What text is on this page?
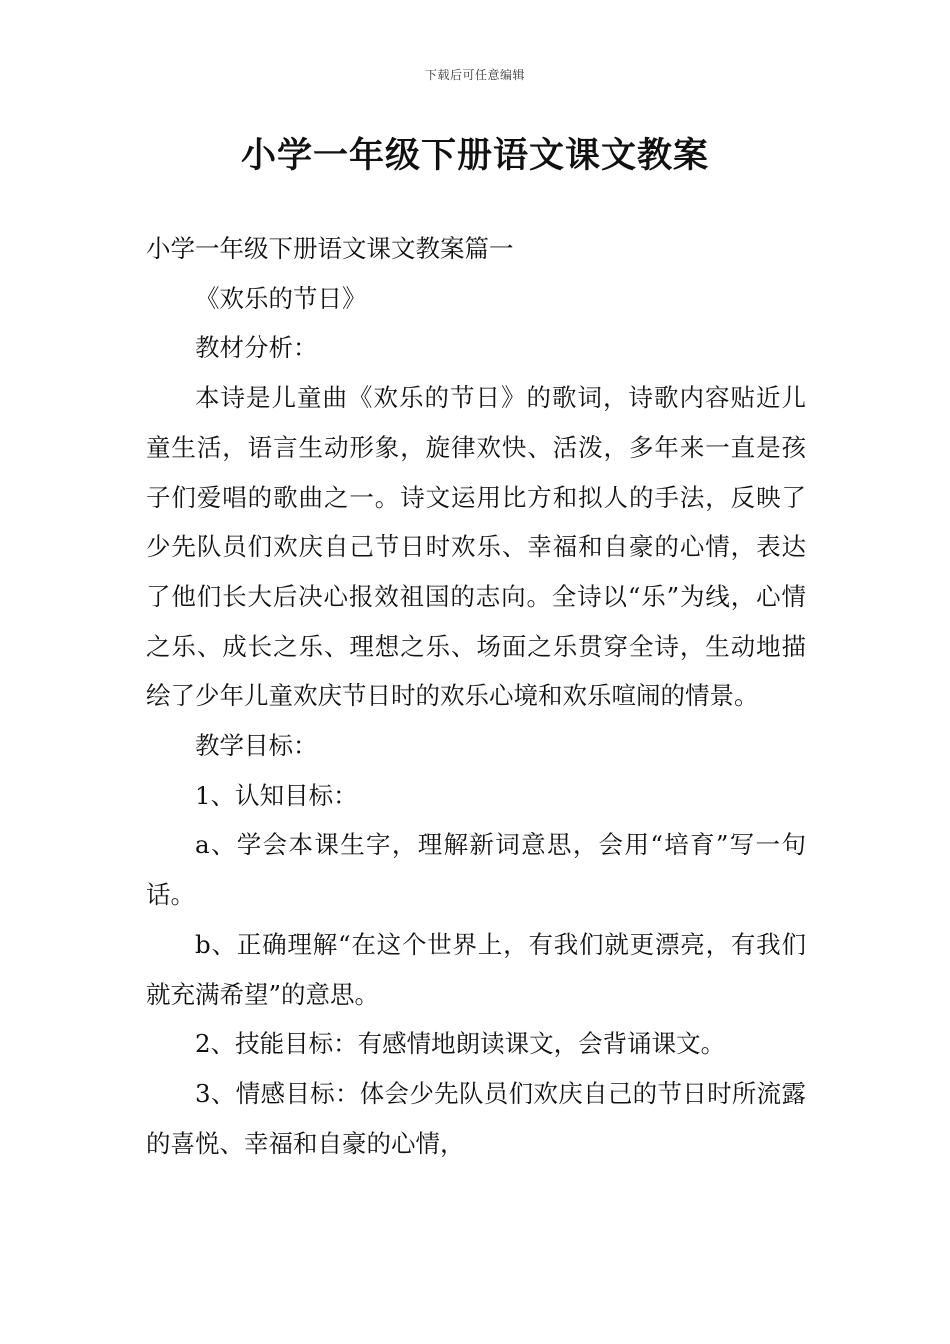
下载后可任意编辑
小学一年级下册语文课文教案

小学一年级下册语文课文教案篇一

《欢乐的节日》

教材分析：

本诗是儿童曲《欢乐的节日》的歌词，诗歌内容贴近儿童生活，语言生动形象，旋律欢快、活泼，多年来一直是孩子们爱唱的歌曲之一。诗文运用比方和拟人的手法，反映了少先队员们欢庆自己节日时欢乐、幸福和自豪的心情，表达了他们长大后决心报效祖国的志向。全诗以“乐”为线，心情之乐、成长之乐、理想之乐、场面之乐贯穿全诗，生动地描绘了少年儿童欢庆节日时的欢乐心境和欢乐喧闹的情景。

教学目标：

1、认知目标：

a、学会本课生字，理解新词意思，会用“培育”写一句话。

b、正确理解“在这个世界上，有我们就更漂亮，有我们就充满希望”的意思。

2、技能目标：有感情地朗读课文，会背诵课文。

3、情感目标：体会少先队员们欢庆自己的节日时所流露的喜悦、幸福和自豪的心情，
